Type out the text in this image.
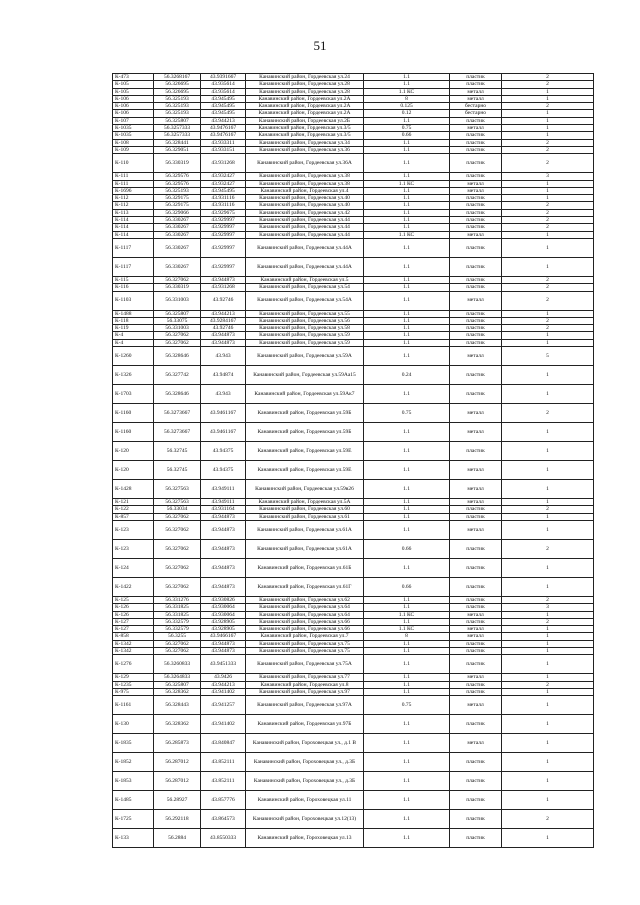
51
К-473	56.3268167	43.9391667	Канавинский район, Гордеевская ул.24	1.1	пластик	2
К-105	56.326695	43.935614	Канавинский район, Гордеевская ул.28	1.1	пластик	2
К-105	56.326695	43.935614	Канавинский район, Гордеевская ул.28	1.1 КС	металл	1
К-106	56.325193	43.945495	Канавинский район, Гордеевская ул.2А	8	металл	1
К-106	56.325193	43.945495	Канавинский район, Гордеевская ул.2А	0.125	бестарно	2
К-106	56.325193	43.945495	Канавинский район, Гордеевская ул.2А	0.12	бестарно	1
К-107	56.325807	43.944213	Канавинский район, Гордеевская ул.2Б	1.1	пластик	1
К-1035	56.3257333	43.9476167	Канавинский район, Гордеевская ул.3/5	0.75	металл	1
К-1035	56.3257333	43.9476167	Канавинский район, Гордеевская ул.3/5	0.66	пластик	1
К-108	56.328441	43.933311	Канавинский район, Гордеевская ул.34	1.1	пластик	2
К-109	56.329051	43.933151	Канавинский район, Гордеевская ул.36	1.1	пластик	2
К-110	56.330319	43.931268	Канавинский район, Гордеевская ул.36А	1.1	пластик	2
К-111	56.329576	43.932427	Канавинский район, Гордеевская ул.38	1.1	пластик	3
К-111	56.329576	43.932427	Канавинский район, Гордеевская ул.38	1.1 КС	металл	1
К-1696	56.325193	43.945495	Канавинский район, Гордеевская ул.4	1.1	металл	1
К-112	56.329175	43.931116	Канавинский район, Гордеевская ул.40	1.1	пластик	1
К-112	56.329175	43.931116	Канавинский район, Гордеевская ул.40	1.1	пластик	2
К-113	56.329066	43.929675	Канавинский район, Гордеевская ул.42	1.1	пластик	2
К-114	56.330267	43.929997	Канавинский район, Гордеевская ул.44	1.1	пластик	2
К-114	56.330267	43.929997	Канавинский район, Гордеевская ул.44	1.1	пластик	2
К-114	56.330267	43.929997	Канавинский район, Гордеевская ул.44	1.1 КС	металл	1
К-1117	56.330267	43.929997	Канавинский район, Гордеевская ул.44А	1.1	пластик	1
К-1117	56.330267	43.929997	Канавинский район, Гордеевская ул.44А	1.1	пластик	1
К-115	56.327062	43.944873	Канавинский район, Гордеевская ул.5	1.1	пластик	2
К-116	56.330319	43.931268	Канавинский район, Гордеевская ул.54	1.1	пластик	2
К-1103	56.331003	43.92746	Канавинский район, Гордеевская ул.54А	1.1	металл	2
К-1488	56.325807	43.944213	Канавинский район, Гордеевская ул.55	1.1	пластик	1
К-118	56.33075	43.9284167	Канавинский район, Гордеевская ул.56	1.1	пластик	2
К-119	56.331003	43.92746	Канавинский район, Гордеевская ул.58	1.1	пластик	2
К-4	56.327062	43.944873	Канавинский район, Гордеевская ул.59	1.1	пластик	1
К-4	56.327062	43.944873	Канавинский район, Гордеевская ул.59	1.1	пластик	1
К-1260	56.328646	43.943	Канавинский район, Гордеевская ул.59А	1.1	металл	5
К-1326	56.327742	43.94874	Канавинский район, Гордеевская ул.59Аа15	0.24	пластик	1
К-1703	56.328646	43.943	Канавинский район, Гордеевская ул.59Ак7	1.1	пластик	1
К-1160	56.3273667	43.9461167	Канавинский район, Гордеевская ул.59Б	0.75	металл	2
К-1160	56.3273667	43.9461167	Канавинский район, Гордеевская ул.59Б	1.1	металл	1
К-120	56.32745	43.94375	Канавинский район, Гордеевская ул.59Е	1.1	пластик	1
К-120	56.32745	43.94375	Канавинский район, Гордеевская ул.59Е	1.1	металл	1
К-1428	56.327563	43.949111	Канавинский район, Гордеевская ул.59в26	1.1	металл	1
К-121	56.327563	43.949111	Канавинский район, Гордеевская ул.5А	1.1	металл	1
К-122	56.33034	43.931164	Канавинский район, Гордеевская ул.60	1.1	пластик	2
К-857	56.327062	43.944873	Канавинский район, Гордеевская ул.61	1.1	пластик	1
К-123	56.327062	43.944873	Канавинский район, Гордеевская ул.61А	1.1	металл	1
К-123	56.327062	43.944873	Канавинский район, Гордеевская ул.61А	0.66	пластик	2
К-124	56.327062	43.944873	Канавинский район, Гордеевская ул.61Б	1.1	пластик	1
К-1422	56.327062	43.944873	Канавинский район, Гордеевская ул.61Г	0.66	пластик	1
К-125	56.331276	43.930826	Канавинский район, Гордеевская ул.62	1.1	пластик	2
К-126	56.331825	43.930064	Канавинский район, Гордеевская ул.64	1.1	пластик	3
К-126	56.331825	43.930064	Канавинский район, Гордеевская ул.64	1.1 КС	металл	1
К-127	56.332579	43.928905	Канавинский район, Гордеевская ул.66	1.1	пластик	2
К-127	56.332579	43.928905	Канавинский район, Гордеевская ул.66	1.1 КС	металл	1
К-858	56.3255	43.9466167	Канавинский район, Гордеевская ул.7	8	металл	1
К-1342	56.327062	43.944873	Канавинский район, Гордеевская ул.75	1.1	пластик	1
К-1342	56.327062	43.944873	Канавинский район, Гордеевская ул.75	1.1	пластик	1
К-1276	56.3260833	43.9451333	Канавинский район, Гордеевская ул.75А	1.1	пластик	1
К-129	56.3264833	43.9426	Канавинский район, Гордеевская ул.77	1.1	металл	1
К-1235	56.325807	43.944213	Канавинский район, Гордеевская ул.8	1.1	пластик	2
К-975	56.328362	43.941402	Канавинский район, Гордеевская ул.97	1.1	пластик	1
К-1161	56.328443	43.941257	Канавинский район, Гордеевская ул.97А	0.75	металл	1
К-130	56.328362	43.941402	Канавинский район, Гордеевская ул.97Б	1.1	пластик	1
К-1835	56.285873	43.840847	Канавинский район, Гороховецкая ул., д.1 В	1.1	металл	1
К-1852	56.287012	43.852111	Канавинский район, Гороховецкая ул., д.3Б	1.1	пластик	1
К-1853	56.287012	43.852111	Канавинский район, Гороховецкая ул., д.3Б	1.1	пластик	1
К-1485	56.28927	43.857776	Канавинский район, Гороховецкая ул.11	1.1	пластик	1
К-1725	56.292118	43.864573	Канавинский район, Гороховецкая ул.12(13)	1.1	пластик	2
К-133	56.2884	43.8550333	Канавинский район, Гороховецкая ул.13	1.1	пластик	1
